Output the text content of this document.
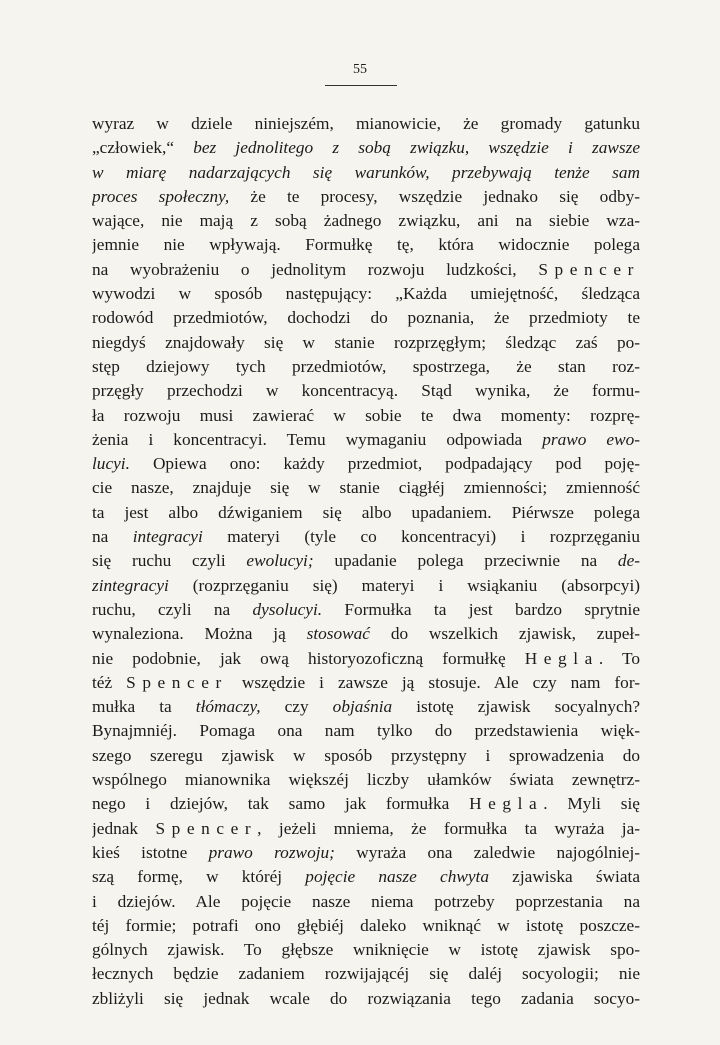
55
wyraz w dziele niniejszém, mianowicie, że gromady gatunku
„człowiek,“ bez jednolitego z sobą związku, wszędzie i zawsze
w miarę nadarzających się warunków, przebywają tenże sam
proces społeczny, że te procesy, wszędzie jednako się odby-
wające, nie mają z sobą żadnego związku, ani na siebie wza-
jemnie nie wpływają. Formułkę tę, która widocznie polega
na wyobrażeniu o jednolitym rozwoju ludzkości, Spencer
wywodzi w sposób następujący: „Każda umiejętność, śledząca
rodowód przedmiotów, dochodzi do poznania, że przedmioty te
niegdyś znajdowały się w stanie rozprzęgłym; śledząc zaś po-
stęp dziejowy tych przedmiotów, spostrzega, że stan roz-
przęgły przechodzi w koncentracyą. Stąd wynika, że formu-
ła rozwoju musi zawierać w sobie te dwa momenty: rozprę-
żenia i koncentracyi. Temu wymaganiu odpowiada prawo ewo-
lucyi. Opiewa ono: każdy przedmiot, podpadający pod poję-
cie nasze, znajduje się w stanie ciągłéj zmienności; zmienność
ta jest albo dźwiganiem się albo upadaniem. Piérwsze polega
na integracyi materyi (tyle co koncentracyi) i rozprzęganiu
się ruchu czyli ewolucyi; upadanie polega przeciwnie na de-
zintegracyi (rozprzęganiu się) materyi i wsiąkaniu (absorpcyi)
ruchu, czyli na dysolucyi. Formułka ta jest bardzo sprytnie
wynaleziona. Można ją stosować do wszelkich zjawisk, zupeł-
nie podobnie, jak ową historyozoficzną formułkę Hegla. To
téż Spencer wszędzie i zawsze ją stosuje. Ale czy nam for-
mułka ta tłómaczy, czy objaśnia istotę zjawisk socyalnych?
Bynajmniéj. Pomaga ona nam tylko do przedstawienia więk-
szego szeregu zjawisk w sposób przystępny i sprowadzenia do
wspólnego mianownika większéj liczby ułamków świata zewnętrz-
nego i dziejów, tak samo jak formułka Hegla. Myli się
jednak Spencer, jeżeli mniema, że formułka ta wyraża ja-
kieś istotne prawo rozwoju; wyraża ona zaledwie najogólniej-
szą formę, w któréj pojęcie nasze chwyta zjawiska świata
i dziejów. Ale pojęcie nasze niema potrzeby poprzestania na
téj formie; potrafi ono głębiéj daleko wniknąć w istotę poszcze-
gólnych zjawisk. To głębsze wniknięcie w istotę zjawisk spo-
łecznych będzie zadaniem rozwijającéj się daléj socyologii; nie
zbliżyli się jednak wcale do rozwiązania tego zadania socyo-
